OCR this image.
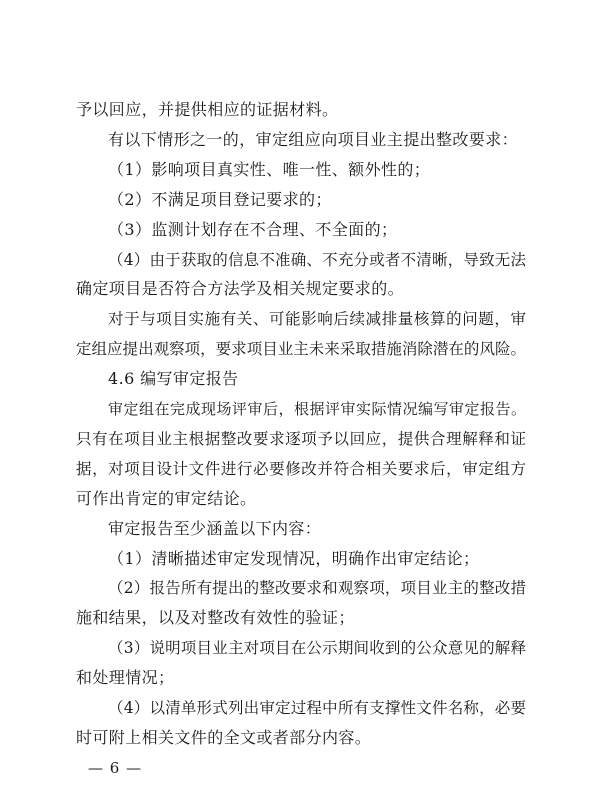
予以回应，并提供相应的证据材料。
有以下情形之一的，审定组应向项目业主提出整改要求：
（1）影响项目真实性、唯一性、额外性的；
（2）不满足项目登记要求的；
（3）监测计划存在不合理、不全面的；
（4）由于获取的信息不准确、不充分或者不清晰，导致无法
确定项目是否符合方法学及相关规定要求的。
对于与项目实施有关、可能影响后续减排量核算的问题，审
定组应提出观察项，要求项目业主未来采取措施消除潜在的风险。
4.6 编写审定报告
审定组在完成现场评审后，根据评审实际情况编写审定报告。
只有在项目业主根据整改要求逐项予以回应，提供合理解释和证
据，对项目设计文件进行必要修改并符合相关要求后，审定组方
可作出肯定的审定结论。
审定报告至少涵盖以下内容：
（1）清晰描述审定发现情况，明确作出审定结论；
（2）报告所有提出的整改要求和观察项，项目业主的整改措
施和结果，以及对整改有效性的验证；
（3）说明项目业主对项目在公示期间收到的公众意见的解释
和处理情况；
（4）以清单形式列出审定过程中所有支撑性文件名称，必要
时可附上相关文件的全文或者部分内容。
— 6 —
